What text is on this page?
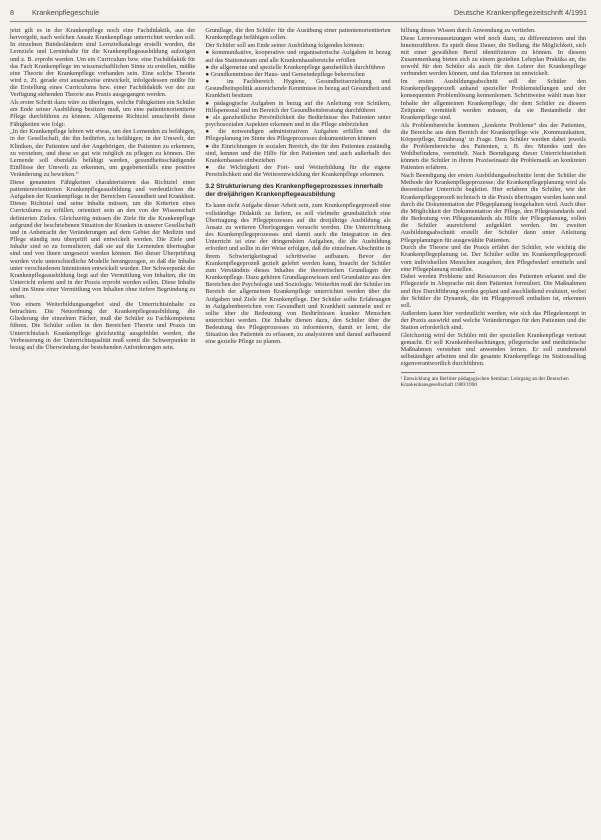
8	Krankenpflegeschule	Deutsche Krankenpflegezeitschrift 4/1991

jetzt gilt es in der Krankenpflege noch eine Fachdidaktik, aus der hervorgeht, nach welchen Ansatz Krankenpflege unterrichtet werden soll. In einzelnen Bundesländern sind Lernzielkataloge erstellt worden, die Lernziele und Lerninhalte für die Krankenpflegeausbildung aufzeigen und z. B. erprobt werden. Um ein Curriculum bzw. eine Fachdidaktik für das Fach Krankenpflege im wissenschaftlichen Sinne zu erstellen, müßte eine Theorie der Krankenpflege vorhanden sein. Eine solche Theorie wird z. Zt. gerade erst ansatzweise entwickelt, infolgedessen müßte für die Erstellung eines Curriculums bzw. einer Fachdidaktik vor der zur Verfügung stehenden Theorie aus Praxis ausgegangen werden.

Als erster Schritt dazu wäre zu überlegen, welche Fähigkeiten ein Schüler am Ende seiner Ausbildung besitzen muß, um eine patientenorientierte Pflege durchführen zu können. Allgemeine Richtziel umschreibt diese Fähigkeiten wie folgt:

„In der Krankenpflege lehren wir etwas, um den Lernenden zu befähigen, in der Gesellschaft, die ihn bedürfen, zu befähigen; in der Umwelt, der Kliniken, der Patienten und der Angehörigen, die Patienten zu erkennen, zu verstehen, und diese so gut wie möglich zu pflegen zu können. Der Lernende soll ebenfalls befähigt werden, gesundheitsschädigende Einflüsse der Umwelt zu erkennen, um gegebenenfalls eine positive Veränderung zu bewirken.“

Diese genannten Fähigkeiten charakterisieren das Richtziel einer patientenorientierten Krankenpflegeausbildung und verdeutlichen die Aufgaben der Krankenpflege in der Bereichen Gesundheit und Krankheit. Dieses Richtziel und seine Inhalte müssen, um die Kriterien eines Curriculums zu erfüllen, orientiert sein an den von der Wissenschaft definierten Zielen. Gleichzeitig müssen die Ziele für die Krankenpflege aufgrund der beschriebenen Situation der Kranken in unserer Gesellschaft und in Anbetracht der Veränderungen auf dem Gebiet der Medizin und Pflege ständig neu überprüft und entwickelt werden. Die Ziele und Inhalte sind so zu formulieren, daß sie auf die Lernenden übertragbar sind und von ihnen umgesetzt werden können. Bei dieser Überprüfung wurden viele unterschiedliche Modelle herangezogen, so daß die Inhalte unter verschiedenen Intentionen entwickelt wurden. Der Schwerpunkt der Krankenpflegeausbildung liegt auf der Vermittlung von Inhalten, die im Unterricht erlernt und in der Praxis erprobt werden sollen. Diese Inhalte sind im Sinne einer Vermittlung von Inhalten ohne tiefere Begründung zu sehen.

Von einem Weiterbildungsangebot sind die Unterrichtsinhalte zu betrachten. Die Neuordnung der Krankenpflegeausbildung, die Gliederung der einzelnen Fächer, muß die Schüler zu Fachkompetenz führen. Die Schüler sollen in den Bereichen Theorie und Praxis im Unterrichtsfach Krankenpflege gleichzeitig ausgebildet werden, die Verbesserung in der Unterrichtsqualität muß somit die Schwerpunkte in bezug auf die Überwindung der bestehenden Anforderungen sein.

Grundlage, die den Schüler für die Ausübung einer patientenorientierten Krankenpflege befähigen sollen.

Der Schüler soll am Ende seiner Ausbildung folgendes können:

● kommunikative, kooperative und organisatorische Aufgaben in bezug auf das Stationsteam und alle Krankenhausbereiche erfüllen

● die allgemeine und spezielle Krankenpflege ganzheitlich durchführen

● Grundkenntnisse der Haus- und Gemeindepflege beherrschen

● im Fachbereich Hygiene, Gesundheitserziehung und Gesundheitspolitik ausreichende Kenntnisse in bezug auf Gesundheit und Krankheit besitzen

● pädagogische Aufgaben in bezug auf die Anleitung von Schülern, Hilfspersonal und im Bereich der Gesundheitsberatung durchführen

● als ganzheitliche Persönlichkeit die Bedürfnisse des Patienten unter psychosozialen Aspekten erkennen und in die Pflege einbeziehen

● die notwendigen administrativen Aufgaben erfüllen und die Pflegeplanung im Sinne des Pflegeprozesses dokumentieren können

● die Einrichtungen in sozialen Bereich, die für den Patienten zuständig sind, kennen und die Hilfe für den Patienten und auch außerhalb des Krankenhauses einbeziehen

● die Wichtigkeit der Fort- und Weiterbildung für die eigene Persönlichkeit und die Weiterentwicklung der Krankenpflege erkennen.

3.2 Strukturierung des Krankenpflegeprozesses innerhalb der dreijährigen Krankenpflegeausbildung

Es kann nicht Aufgabe dieser Arbeit sein, zum Krankenpflegeprozeß eine vollständige Didaktik zu liefern, es soll vielmehr grundsätzlich eine Übertragung des Pflegeprozesses auf die dreijährige Ausbildung als Ansatz zu weiteren Überlegungen versucht werden. Die Unterrichtung des Krankenpflegeprozesses und damit auch die Integration in den Unterricht ist eine der dringendsten Aufgaben, die die Ausbildung erfordert und sollte in der Weise erfolgen, daß die einzelnen Abschnitte in ihrem Schwierigkeitsgrad schrittweise aufbauen. Bevor der Krankenpflegeprozeß gezielt gelehrt werden kann, braucht der Schüler zum Verständnis dieses Inhaltes die theoretischen Grundlagen der Krankenpflege. Dazu gehören Grundlagenwissen und Grundsätze aus den Bereichen der Psychologie und Soziologie. Weiterhin muß der Schüler im Bereich der allgemeinen Krankenpflege unterrichtet werden über die Aufgaben und Ziele der Krankenpflege. Der Schüler sollte Erfahrungen in Aufgabenbereichen von Gesundheit und Krankheit sammeln und er sollte über die Bedeutung von Bedürfnissen kranker Menschen unterrichtet werden. Die Inhalte dienen dazu, den Schüler über die Bedeutung des Pflegeprozesses zu informieren, damit er lernt, die Situation des Patienten zu erfassen, zu analysieren und darauf aufbauend eine gezielte Pflege zu planen.

hilfung dieses Wissen durch Anwendung zu vertiefen.

Diese Lernvoraussetzungen wird noch dazu, zu differenzieren und ihn hineinzuführen. Es spielt diese Dauer, die Stellung, die Möglichkeit, sich mit einer gewählten Beruf identifizieren zu können. In diesem Zusammenhang bieten sich zu einem gezielten Lehrplan Praktika an, die sowohl für den Schüler als auch für den Lehrer der Krankenpflege verbunden werden können, und das Erlernen ist entwickelt.

Im ersten Ausbildungsabschnitt soll der Schüler den Krankenpflegeprozeß anhand spezieller Problemstellungen und der konsequenten Problemlösung kennenlernen. Schrittweise wählt man hier Inhalte der allgemeinen Krankenpflege, die dem Schüler zu diesem Zeitpunkt vermittelt werden müssen, da sie Bestandteile der Krankenpflege sind.

Als Problembereiche kommen „konkrete Probleme“ des der Patienten, die Bereiche aus dem Bereich der Krankenpflege wie ‚Kommunikation, Körperpflege, Ernährung‘ in Frage. Dem Schüler werden dabei jeweils die Problembereiche des Patienten, z. B. des Mundes und des Wohlbefindens, vermittelt. Nach Beendigung dieser Unterrichtseinheit können die Schüler in ihrem Praxiseinsatz die Problematik an konkreten Patienten erfahren.

Nach Beendigung der ersten Ausbildungsabschnitte lernt der Schüler die Methode der Krankenpflegeprozesse; die Krankenpflegeplanung wird als theoretischer Unterricht begleitet. Hier erfahren die Schüler, wie der Krankenpflegeprozeß technisch in die Praxis übertragen werden kann und durch die Dokumentation der Pflegeplanung festgehalten wird. Auch über die Möglichkeit der Dokumentation der Pflege, den Pflegestandards und die Bedeutung von Pflegestandards als Hilfe der Pflegeplanung, sollen die Schüler ausreichend aufgeklärt werden. Im zweiten Ausbildungsabschnitt erstellt der Schüler dann unter Anleitung Pflegeplanungen für ausgewählte Patienten.

Durch die Theorie und die Praxis erfährt der Schüler, wie wichtig die Krankenpflegeplanung ist. Der Schüler sollte im Krankenpflegeprozeß vom individuellen Menschen ausgehen, den Pflegebedarf ermitteln und eine Pflegeplanung erstellen.

Dabei werden Probleme und Ressourcen des Patienten erkannt und die Pflegeziele in Absprache mit dem Patienten formuliert. Die Maßnahmen und ihre Durchführung werden geplant und anschließend evaluiert, wobei der Schüler die Dynamik, die im Pflegeprozeß enthalten ist, erkennen soll.

Außerdem kann hier verdeutlicht werden, wie sich das Pflegekonzept in der Praxis auswirkt und welche Veränderungen für den Patienten und die Station erforderlich sind.

Gleichzeitig wird der Schüler mit der speziellen Krankenpflege vertraut gemacht. Er soll Krankenbeobachtungen, pflegerische und medizinische Maßnahmen verstehen und anwenden lernen. Er soll zunehmend selbständiger arbeiten und die gesamte Krankenpflege im Stationsalltag eigenverantwortlich durchführen.

¹ Entwicklung am Berliner pädagogischen Seminar; Lehrgang an der Deutschen Krankenhausgesellschaft 1989/1990
